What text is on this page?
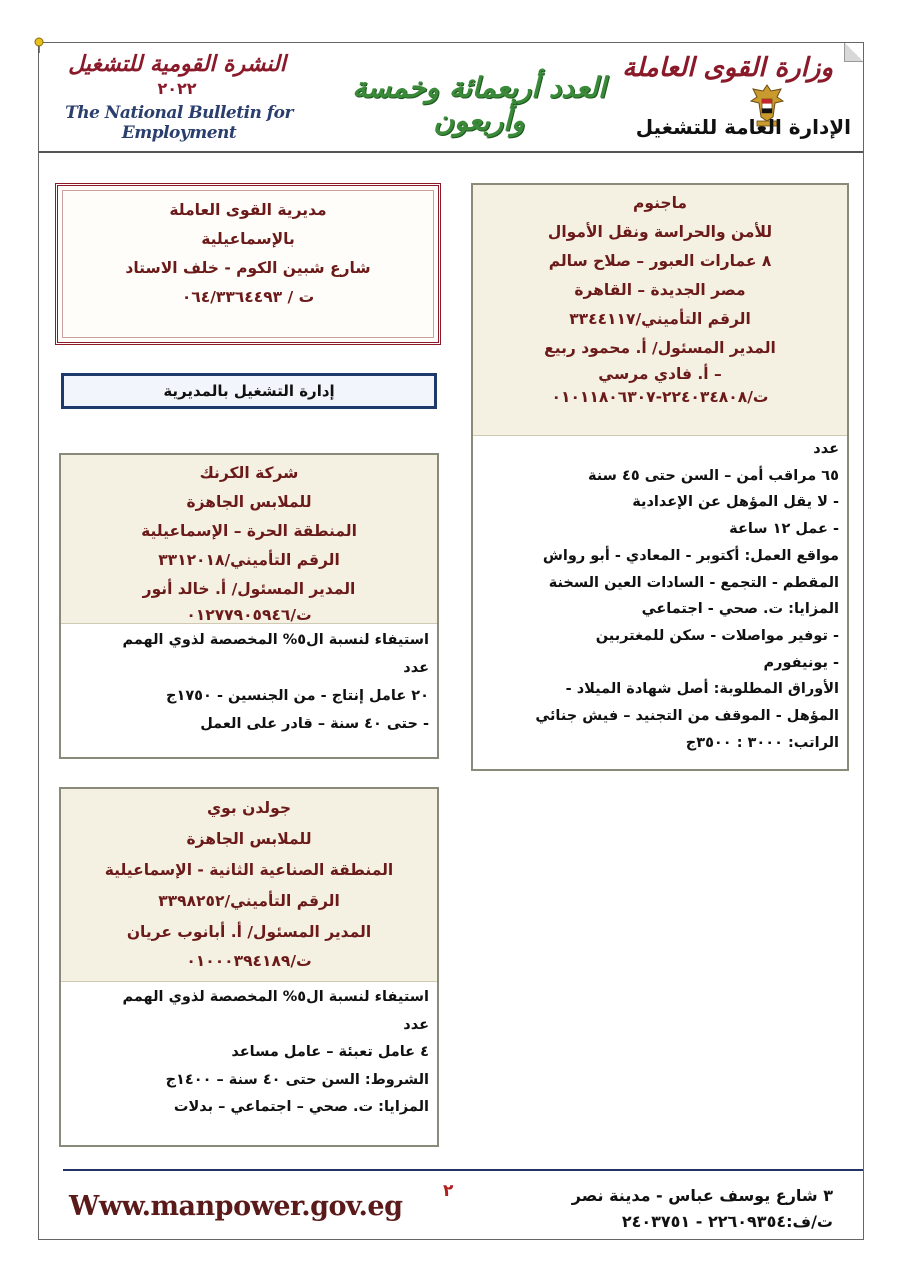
وزارة القوى العاملة
الإدارة العامة للتشغيل
العدد أربعمائة وخمسة وأربعون
النشرة القومية للتشغيل
٢٠٢٢
The National Bulletin for Employment
ماجنوم
للأمن والحراسة ونقل الأموال
٨ عمارات العبور – صلاح سالم
مصر الجديدة – القاهرة
الرقم التأميني/٣٣٤٤١١٧
المدير المسئول/ أ. محمود ربيع
– أ. فادي مرسي
ت/٢٢٤٠٣٤٨٠٨-٠١٠١١٨٠٦٣٠٧
عدد
٦٥ مراقب أمن – السن حتى ٤٥ سنة
- لا يقل المؤهل عن الإعدادية
- عمل ١٢ ساعة
مواقع العمل: أكتوبر - المعادي - أبو رواش
المقطم - التجمع - السادات العين السخنة
المزايا: ت. صحي - اجتماعي
- توفير مواصلات - سكن للمغتربين
- يونيفورم
الأوراق المطلوبة: أصل شهادة الميلاد -
المؤهل - الموقف من التجنيد – فيش جنائي
الراتب: ٣٠٠٠ : ٣٥٠٠ج
مديرية القوى العاملة
بالإسماعيلية
شارع شبين الكوم - خلف الاستاد
ت / ٠٦٤/٣٣٦٤٤٩٣
إدارة التشغيل بالمديرية
شركة الكرنك
للملابس الجاهزة
المنطقة الحرة – الإسماعيلية
الرقم التأميني/٣٣١٢٠١٨
المدير المسئول/ أ. خالد أنور
ت/٠١٢٧٧٩٠٥٩٤٦
استيفاء لنسبة ال٥% المخصصة لذوي الهمم
عدد
٢٠ عامل إنتاج - من الجنسين - ١٧٥٠ج
- حتى ٤٠ سنة – قادر على العمل
جولدن بوي
للملابس الجاهزة
المنطقة الصناعية الثانية - الإسماعيلية
الرقم التأميني/٣٣٩٨٢٥٢
المدير المسئول/ أ. أبانوب عريان
ت/٠١٠٠٠٣٩٤١٨٩
استيفاء لنسبة ال٥% المخصصة لذوي الهمم
عدد
٤ عامل تعبئة – عامل مساعد
الشروط: السن حتى ٤٠ سنة – ١٤٠٠ج
المزايا: ت. صحي – اجتماعي – بدلات
٣ شارع يوسف عباس - مدينة نصر
ت/ف:٢٢٦٠٩٣٥٤ - ٢٤٠٣٧٥١
٢
Www.manpower.gov.eg
